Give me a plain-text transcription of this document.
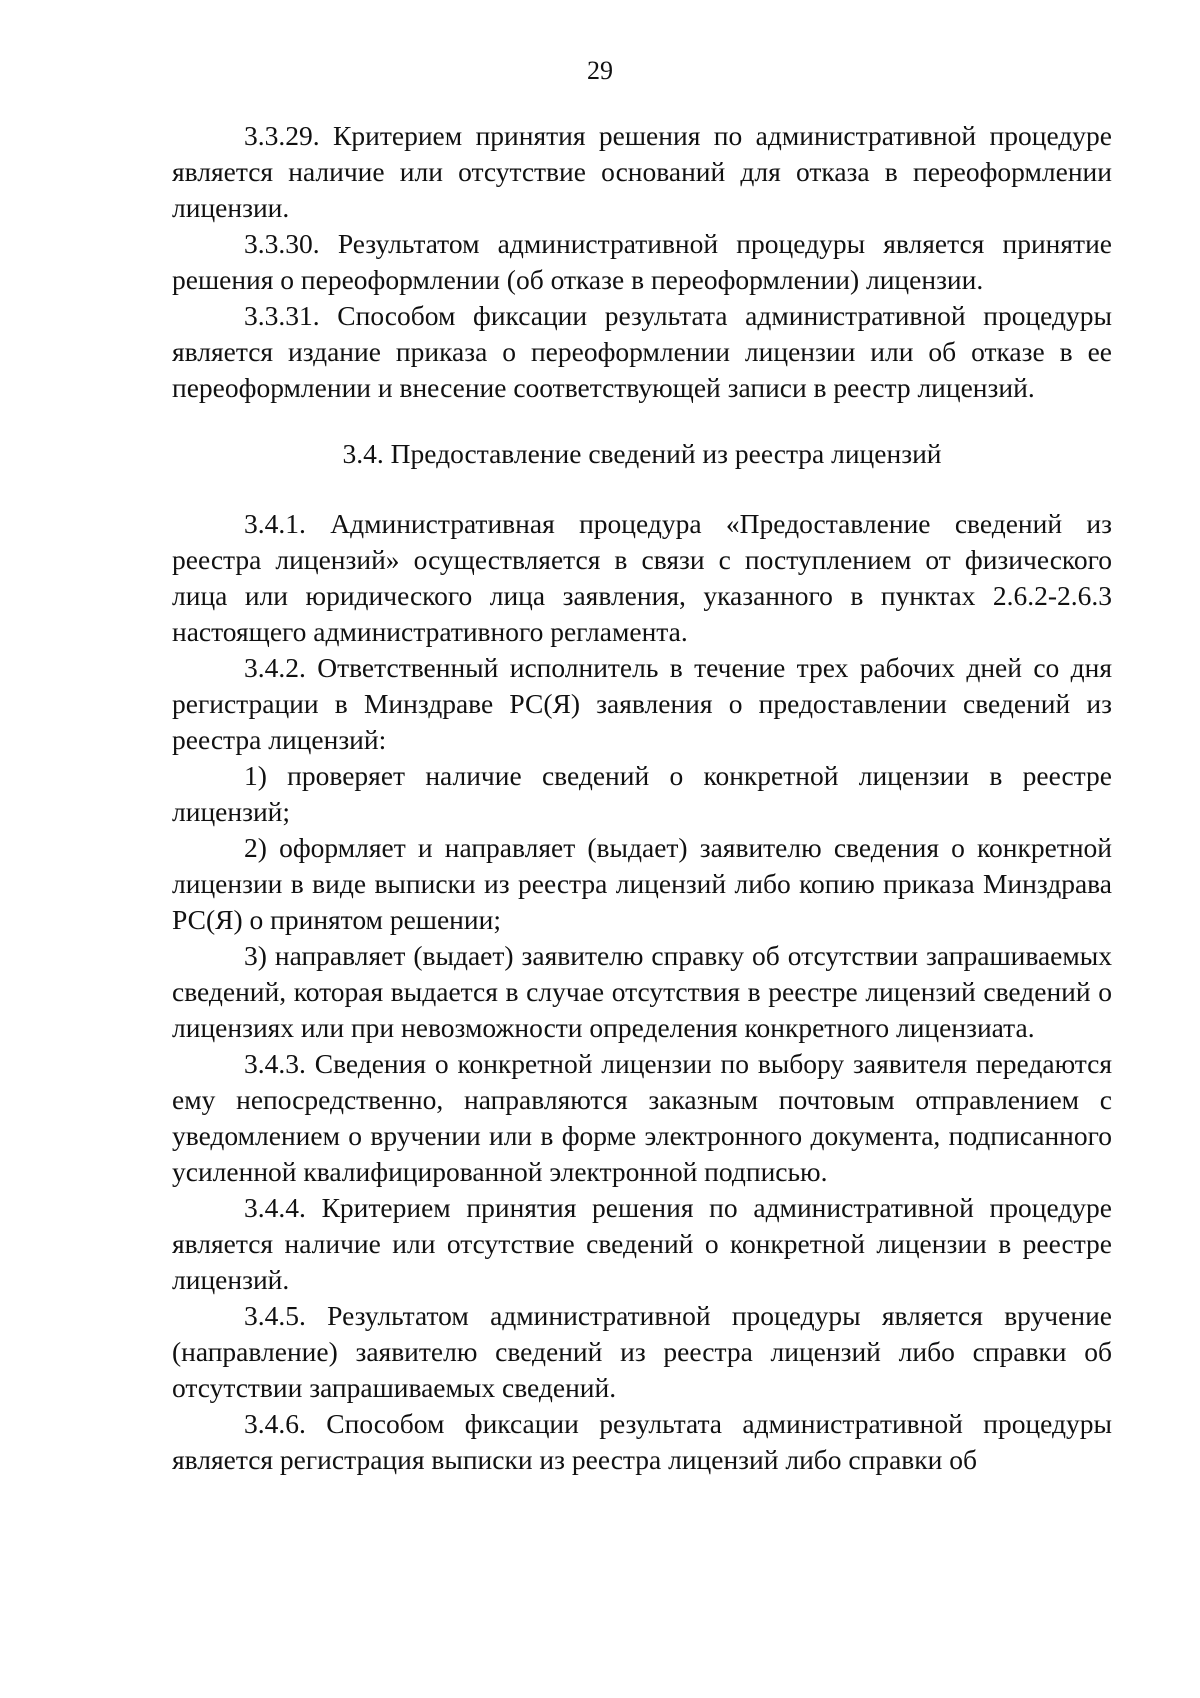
29

3.3.29. Критерием принятия решения по административной процедуре является наличие или отсутствие оснований для отказа в переоформлении лицензии.

3.3.30. Результатом административной процедуры является принятие решения о переоформлении (об отказе в переоформлении) лицензии.

3.3.31. Способом фиксации результата административной процедуры является издание приказа о переоформлении лицензии или об отказе в ее переоформлении и внесение соответствующей записи в реестр лицензий.

3.4. Предоставление сведений из реестра лицензий

3.4.1. Административная процедура «Предоставление сведений из реестра лицензий» осуществляется в связи с поступлением от физического лица или юридического лица заявления, указанного в пунктах 2.6.2-2.6.3 настоящего административного регламента.

3.4.2. Ответственный исполнитель в течение трех рабочих дней со дня регистрации в Минздраве РС(Я) заявления о предоставлении сведений из реестра лицензий:

1) проверяет наличие сведений о конкретной лицензии в реестре лицензий;

2) оформляет и направляет (выдает) заявителю сведения о конкретной лицензии в виде выписки из реестра лицензий либо копию приказа Минздрава РС(Я) о принятом решении;

3) направляет (выдает) заявителю справку об отсутствии запрашиваемых сведений, которая выдается в случае отсутствия в реестре лицензий сведений о лицензиях или при невозможности определения конкретного лицензиата.

3.4.3. Сведения о конкретной лицензии по выбору заявителя передаются ему непосредственно, направляются заказным почтовым отправлением с уведомлением о вручении или в форме электронного документа, подписанного усиленной квалифицированной электронной подписью.

3.4.4. Критерием принятия решения по административной процедуре является наличие или отсутствие сведений о конкретной лицензии в реестре лицензий.

3.4.5. Результатом административной процедуры является вручение (направление) заявителю сведений из реестра лицензий либо справки об отсутствии запрашиваемых сведений.

3.4.6. Способом фиксации результата административной процедуры является регистрация выписки из реестра лицензий либо справки об
